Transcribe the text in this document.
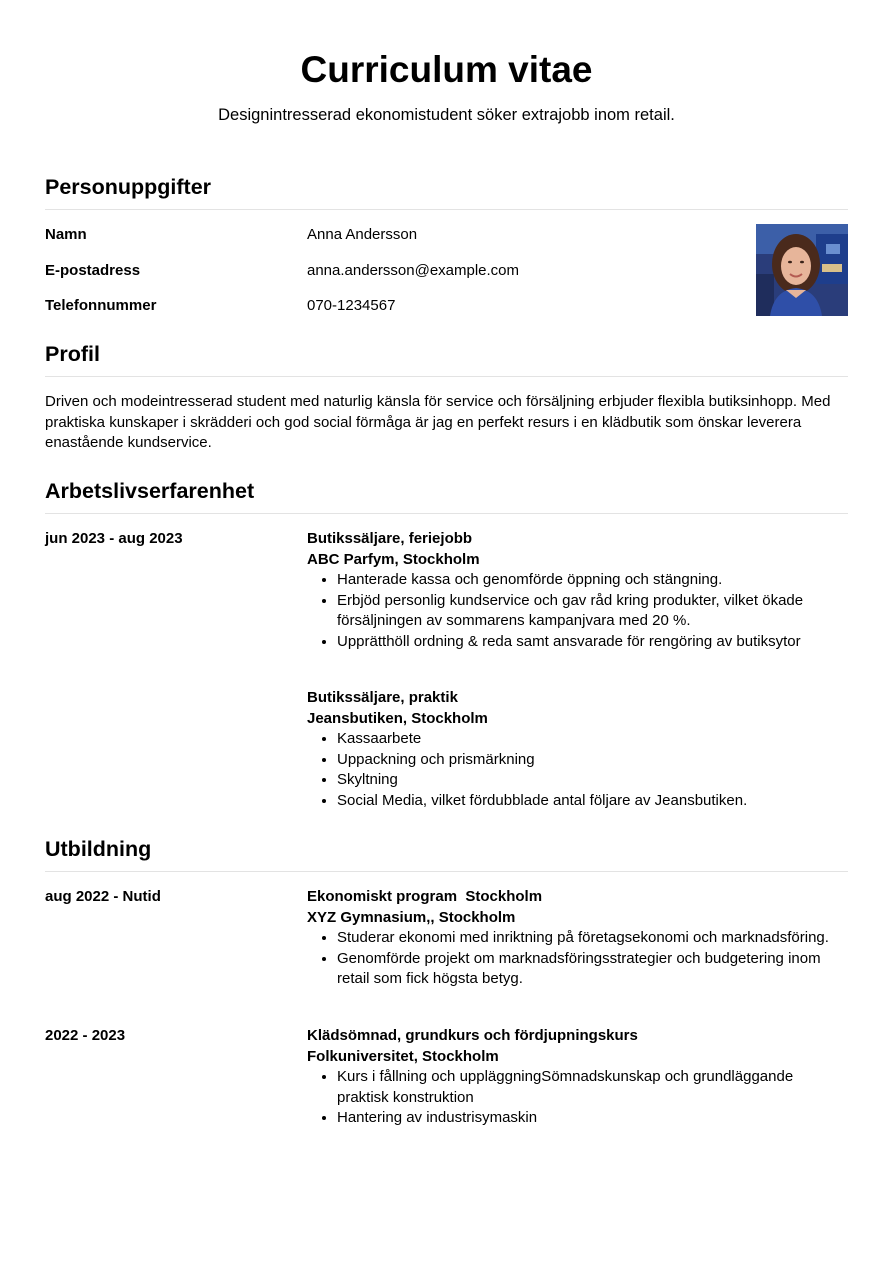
Curriculum vitae

Designintresserad ekonomistudent söker extrajobb inom retail.

Personuppgifter
Namn	Anna Andersson
E-postadress	anna.andersson@example.com
Telefonnummer	070-1234567
Profil

Driven och modeintresserad student med naturlig känsla för service och försäljning erbjuder flexibla butiksinhopp. Med praktiska kunskaper i skrädderi och god social förmåga är jag en perfekt resurs i en klädbutik som önskar leverera enastående kundservice.

Arbetslivserfarenhet
jun 2023 - aug 2023	Butikssäljare, feriejobb
ABC Parfym, Stockholm
• Hanterade kassa och genomförde öppning och stängning.
• Erbjöd personlig kundservice och gav råd kring produkter, vilket ökade försäljningen av sommarens kampanjvara med 20 %.
• Upprätthöll ordning & reda samt ansvarade för rengöring av butiksytor
Butikssäljare, praktik
Jeansbutiken, Stockholm
• Kassaarbete
• Uppackning och prismärkning
• Skyltning
• Social Media, vilket fördubblade antal följare av Jeansbutiken.
Utbildning
aug 2022 - Nutid	Ekonomiskt program  Stockholm
XYZ Gymnasium,, Stockholm
• Studerar ekonomi med inriktning på företagsekonomi och marknadsföring.
• Genomförde projekt om marknadsföringsstrategier och budgetering inom retail som fick högsta betyg.
2022 - 2023	Klädsömnad, grundkurs och fördjupningskurs
Folkuniversitet, Stockholm
• Kurs i fållning och uppläggningSömnadskunskap och grundläggande praktisk konstruktion
• Hantering av industrisymaskin
